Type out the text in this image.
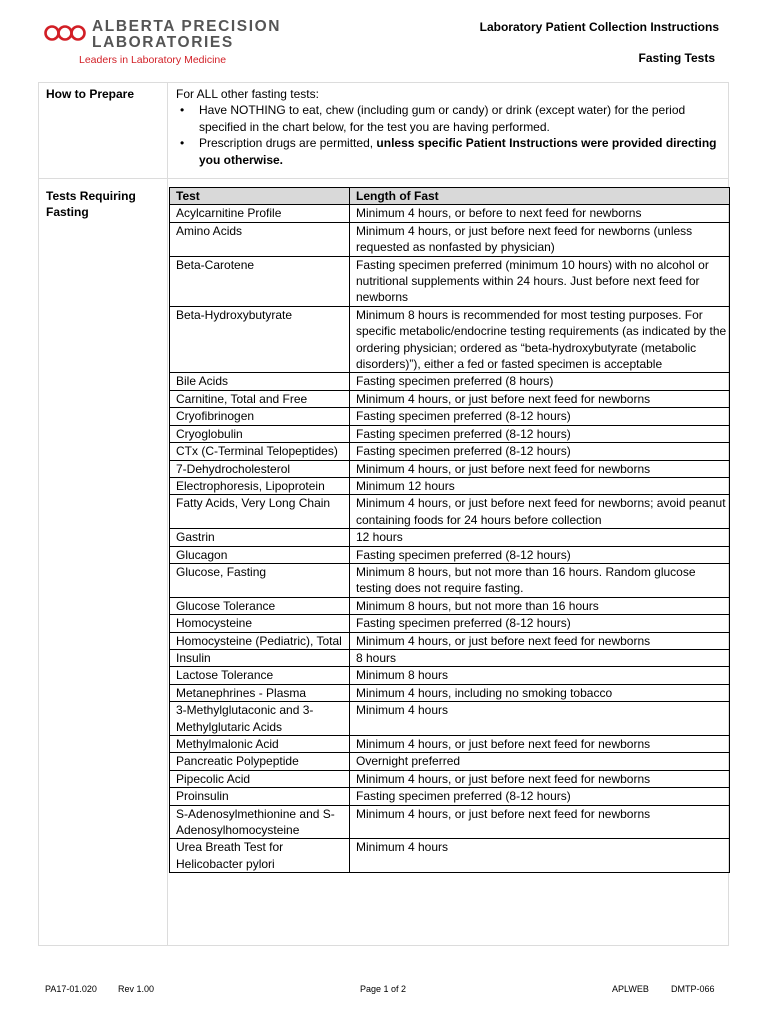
ALBERTA PRECISION
LABORATORIES
Leaders in Laboratory Medicine
Laboratory Patient Collection Instructions
Fasting Tests
How to Prepare	For ALL other fasting tests:
• Have NOTHING to eat, chew (including gum or candy) or drink (except water) for the period specified in the chart below, for the test you are having performed.
• Prescription drugs are permitted, unless specific Patient Instructions were provided directing you otherwise.
Tests Requiring Fasting
Test	Length of Fast
Acylcarnitine Profile	Minimum 4 hours, or before to next feed for newborns
Amino Acids	Minimum 4 hours, or just before next feed for newborns (unless requested as nonfasted by physician)
Beta-Carotene	Fasting specimen preferred (minimum 10 hours) with no alcohol or nutritional supplements within 24 hours. Just before next feed for newborns
Beta-Hydroxybutyrate	Minimum 8 hours is recommended for most testing purposes. For specific metabolic/endocrine testing requirements (as indicated by the ordering physician; ordered as “beta-hydroxybutyrate (metabolic disorders)”), either a fed or fasted specimen is acceptable
Bile Acids	Fasting specimen preferred (8 hours)
Carnitine, Total and Free	Minimum 4 hours, or just before next feed for newborns
Cryofibrinogen	Fasting specimen preferred (8-12 hours)
Cryoglobulin	Fasting specimen preferred (8-12 hours)
CTx (C-Terminal Telopeptides)	Fasting specimen preferred (8-12 hours)
7-Dehydrocholesterol	Minimum 4 hours, or just before next feed for newborns
Electrophoresis, Lipoprotein	Minimum 12 hours
Fatty Acids, Very Long Chain	Minimum 4 hours, or just before next feed for newborns; avoid peanut containing foods for 24 hours before collection
Gastrin	12 hours
Glucagon	Fasting specimen preferred (8-12 hours)
Glucose, Fasting	Minimum 8 hours, but not more than 16 hours. Random glucose testing does not require fasting.
Glucose Tolerance	Minimum 8 hours, but not more than 16 hours
Homocysteine	Fasting specimen preferred (8-12 hours)
Homocysteine (Pediatric), Total	Minimum 4 hours, or just before next feed for newborns
Insulin	8 hours
Lactose Tolerance	Minimum 8 hours
Metanephrines - Plasma	Minimum 4 hours, including no smoking tobacco
3-Methylglutaconic and 3-Methylglutaric Acids	Minimum 4 hours
Methylmalonic Acid	Minimum 4 hours, or just before next feed for newborns
Pancreatic Polypeptide	Overnight preferred
Pipecolic Acid	Minimum 4 hours, or just before next feed for newborns
Proinsulin	Fasting specimen preferred (8-12 hours)
S-Adenosylmethionine and S-Adenosylhomocysteine	Minimum 4 hours, or just before next feed for newborns
Urea Breath Test for Helicobacter pylori	Minimum 4 hours
PA17-01.020 Rev 1.00	Page 1 of 2	APLWEB DMTP-066
